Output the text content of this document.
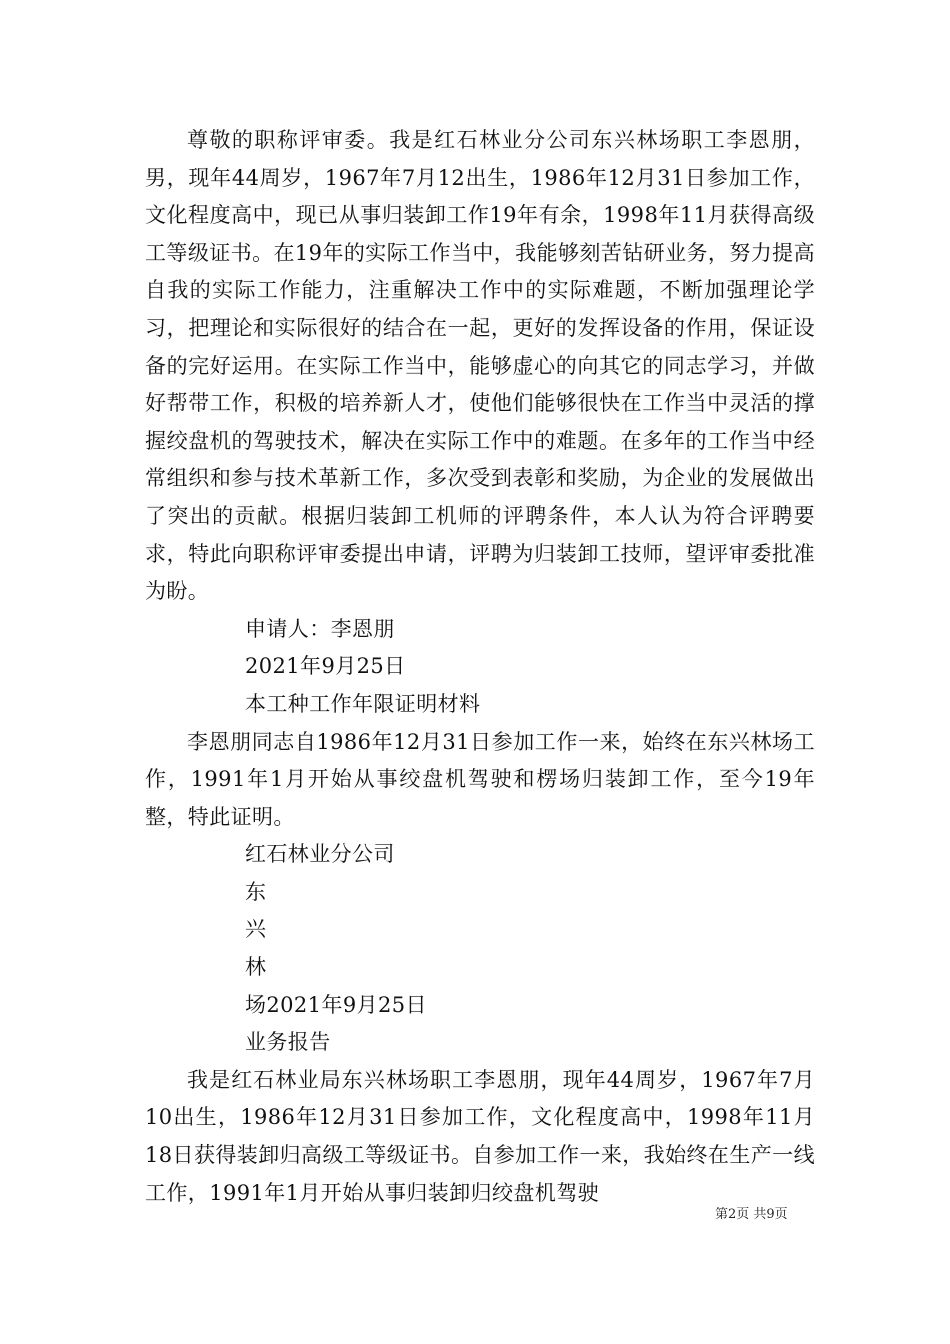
尊敬的职称评审委。我是红石林业分公司东兴林场职工李恩朋，男，现年44周岁，1967年7月12出生，1986年12月31日参加工作，文化程度高中，现已从事归装卸工作19年有余，1998年11月获得高级工等级证书。在19年的实际工作当中，我能够刻苦钻研业务，努力提高自我的实际工作能力，注重解决工作中的实际难题，不断加强理论学习，把理论和实际很好的结合在一起，更好的发挥设备的作用，保证设备的完好运用。在实际工作当中，能够虚心的向其它的同志学习，并做好帮带工作，积极的培养新人才，使他们能够很快在工作当中灵活的撑握绞盘机的驾驶技术，解决在实际工作中的难题。在多年的工作当中经常组织和参与技术革新工作，多次受到表彰和奖励，为企业的发展做出了突出的贡献。根据归装卸工机师的评聘条件，本人认为符合评聘要求，特此向职称评审委提出申请，评聘为归装卸工技师，望评审委批准为盼。

申请人：李恩朋

2021年9月25日

本工种工作年限证明材料

李恩朋同志自1986年12月31日参加工作一来，始终在东兴林场工作，1991年1月开始从事绞盘机驾驶和楞场归装卸工作，至今19年整，特此证明。

红石林业分公司

东

兴

林

场2021年9月25日

业务报告

我是红石林业局东兴林场职工李恩朋，现年44周岁，1967年7月10出生，1986年12月31日参加工作，文化程度高中，1998年11月18日获得装卸归高级工等级证书。自参加工作一来，我始终在生产一线工作，1991年1月开始从事归装卸归绞盘机驾驶

第2页 共9页
